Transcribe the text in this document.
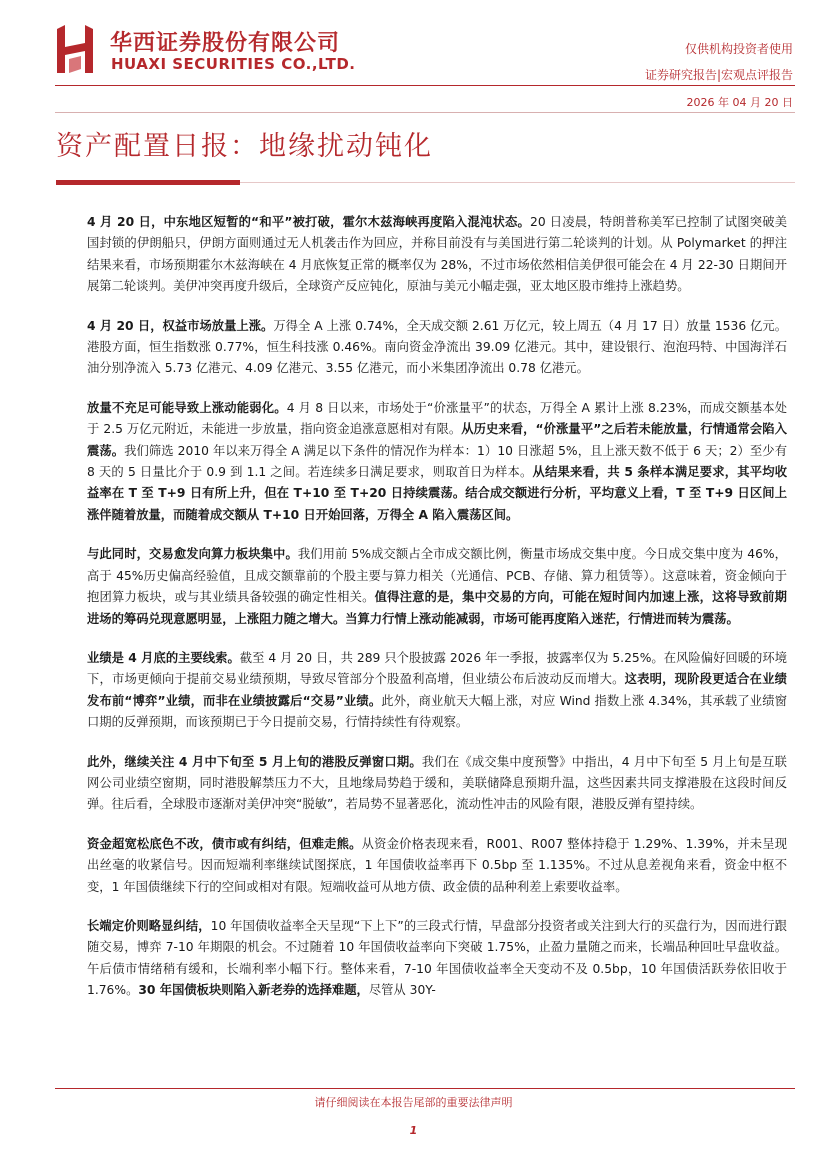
华西证券股份有限公司
HUAXI SECURITIES CO.,LTD.
仅供机构投资者使用
证券研究报告|宏观点评报告
2026 年 04 月 20 日
资产配置日报：地缘扰动钝化

4 月 20 日，中东地区短暂的“和平”被打破，霍尔木兹海峡再度陷入混沌状态。20 日凌晨，特朗普称美军已控制了试图突破美国封锁的伊朗船只，伊朗方面则通过无人机袭击作为回应，并称目前没有与美国进行第二轮谈判的计划。从 Polymarket 的押注结果来看，市场预期霍尔木兹海峡在 4 月底恢复正常的概率仅为 28%，不过市场依然相信美伊很可能会在 4 月 22-30 日期间开展第二轮谈判。美伊冲突再度升级后，全球资产反应钝化，原油与美元小幅走强，亚太地区股市维持上涨趋势。

4 月 20 日，权益市场放量上涨。万得全 A 上涨 0.74%，全天成交额 2.61 万亿元，较上周五（4 月 17 日）放量 1536 亿元。港股方面，恒生指数涨 0.77%，恒生科技涨 0.46%。南向资金净流出 39.09 亿港元。其中，建设银行、泡泡玛特、中国海洋石油分别净流入 5.73 亿港元、4.09 亿港元、3.55 亿港元，而小米集团净流出 0.78 亿港元。

放量不充足可能导致上涨动能弱化。4 月 8 日以来，市场处于“价涨量平”的状态，万得全 A 累计上涨 8.23%，而成交额基本处于 2.5 万亿元附近，未能进一步放量，指向资金追涨意愿相对有限。从历史来看，“价涨量平”之后若未能放量，行情通常会陷入震荡。我们筛选 2010 年以来万得全 A 满足以下条件的情况作为样本：1）10 日涨超 5%，且上涨天数不低于 6 天；2）至少有 8 天的 5 日量比介于 0.9 到 1.1 之间。若连续多日满足要求，则取首日为样本。从结果来看，共 5 条样本满足要求，其平均收益率在 T 至 T+9 日有所上升，但在 T+10 至 T+20 日持续震荡。结合成交额进行分析，平均意义上看，T 至 T+9 日区间上涨伴随着放量，而随着成交额从 T+10 日开始回落，万得全 A 陷入震荡区间。

与此同时，交易愈发向算力板块集中。我们用前 5%成交额占全市成交额比例，衡量市场成交集中度。今日成交集中度为 46%，高于 45%历史偏高经验值，且成交额靠前的个股主要与算力相关（光通信、PCB、存储、算力租赁等）。这意味着，资金倾向于抱团算力板块，或与其业绩具备较强的确定性相关。值得注意的是，集中交易的方向，可能在短时间内加速上涨，这将导致前期进场的筹码兑现意愿明显，上涨阻力随之增大。当算力行情上涨动能减弱，市场可能再度陷入迷茫，行情进而转为震荡。

业绩是 4 月底的主要线索。截至 4 月 20 日，共 289 只个股披露 2026 年一季报，披露率仅为 5.25%。在风险偏好回暖的环境下，市场更倾向于提前交易业绩预期，导致尽管部分个股盈利高增，但业绩公布后波动反而增大。这表明，现阶段更适合在业绩发布前“博弈”业绩，而非在业绩披露后“交易”业绩。此外，商业航天大幅上涨，对应 Wind 指数上涨 4.34%，其承载了业绩窗口期的反弹预期，而该预期已于今日提前交易，行情持续性有待观察。

此外，继续关注 4 月中下旬至 5 月上旬的港股反弹窗口期。我们在《成交集中度预警》中指出，4 月中下旬至 5 月上旬是互联网公司业绩空窗期，同时港股解禁压力不大，且地缘局势趋于缓和，美联储降息预期升温，这些因素共同支撑港股在这段时间反弹。往后看，全球股市逐渐对美伊冲突“脱敏”，若局势不显著恶化，流动性冲击的风险有限，港股反弹有望持续。

资金超宽松底色不改，债市或有纠结，但难走熊。从资金价格表现来看，R001、R007 整体持稳于 1.29%、1.39%，并未呈现出丝毫的收紧信号。因而短端利率继续试图探底，1 年国债收益率再下 0.5bp 至 1.135%。不过从息差视角来看，资金中枢不变，1 年国债继续下行的空间或相对有限。短端收益可从地方债、政金债的品种利差上索要收益率。

长端定价则略显纠结，10 年国债收益率全天呈现“下上下”的三段式行情，早盘部分投资者或关注到大行的买盘行为，因而进行跟随交易，博弈 7-10 年期限的机会。不过随着 10 年国债收益率向下突破 1.75%，止盈力量随之而来，长端品种回吐早盘收益。午后债市情绪稍有缓和，长端利率小幅下行。整体来看，7-10 年国债收益率全天变动不及 0.5bp，10 年国债活跃券依旧收于 1.76%。30 年国债板块则陷入新老券的选择难题，尽管从 30Y-

请仔细阅读在本报告尾部的重要法律声明
1
